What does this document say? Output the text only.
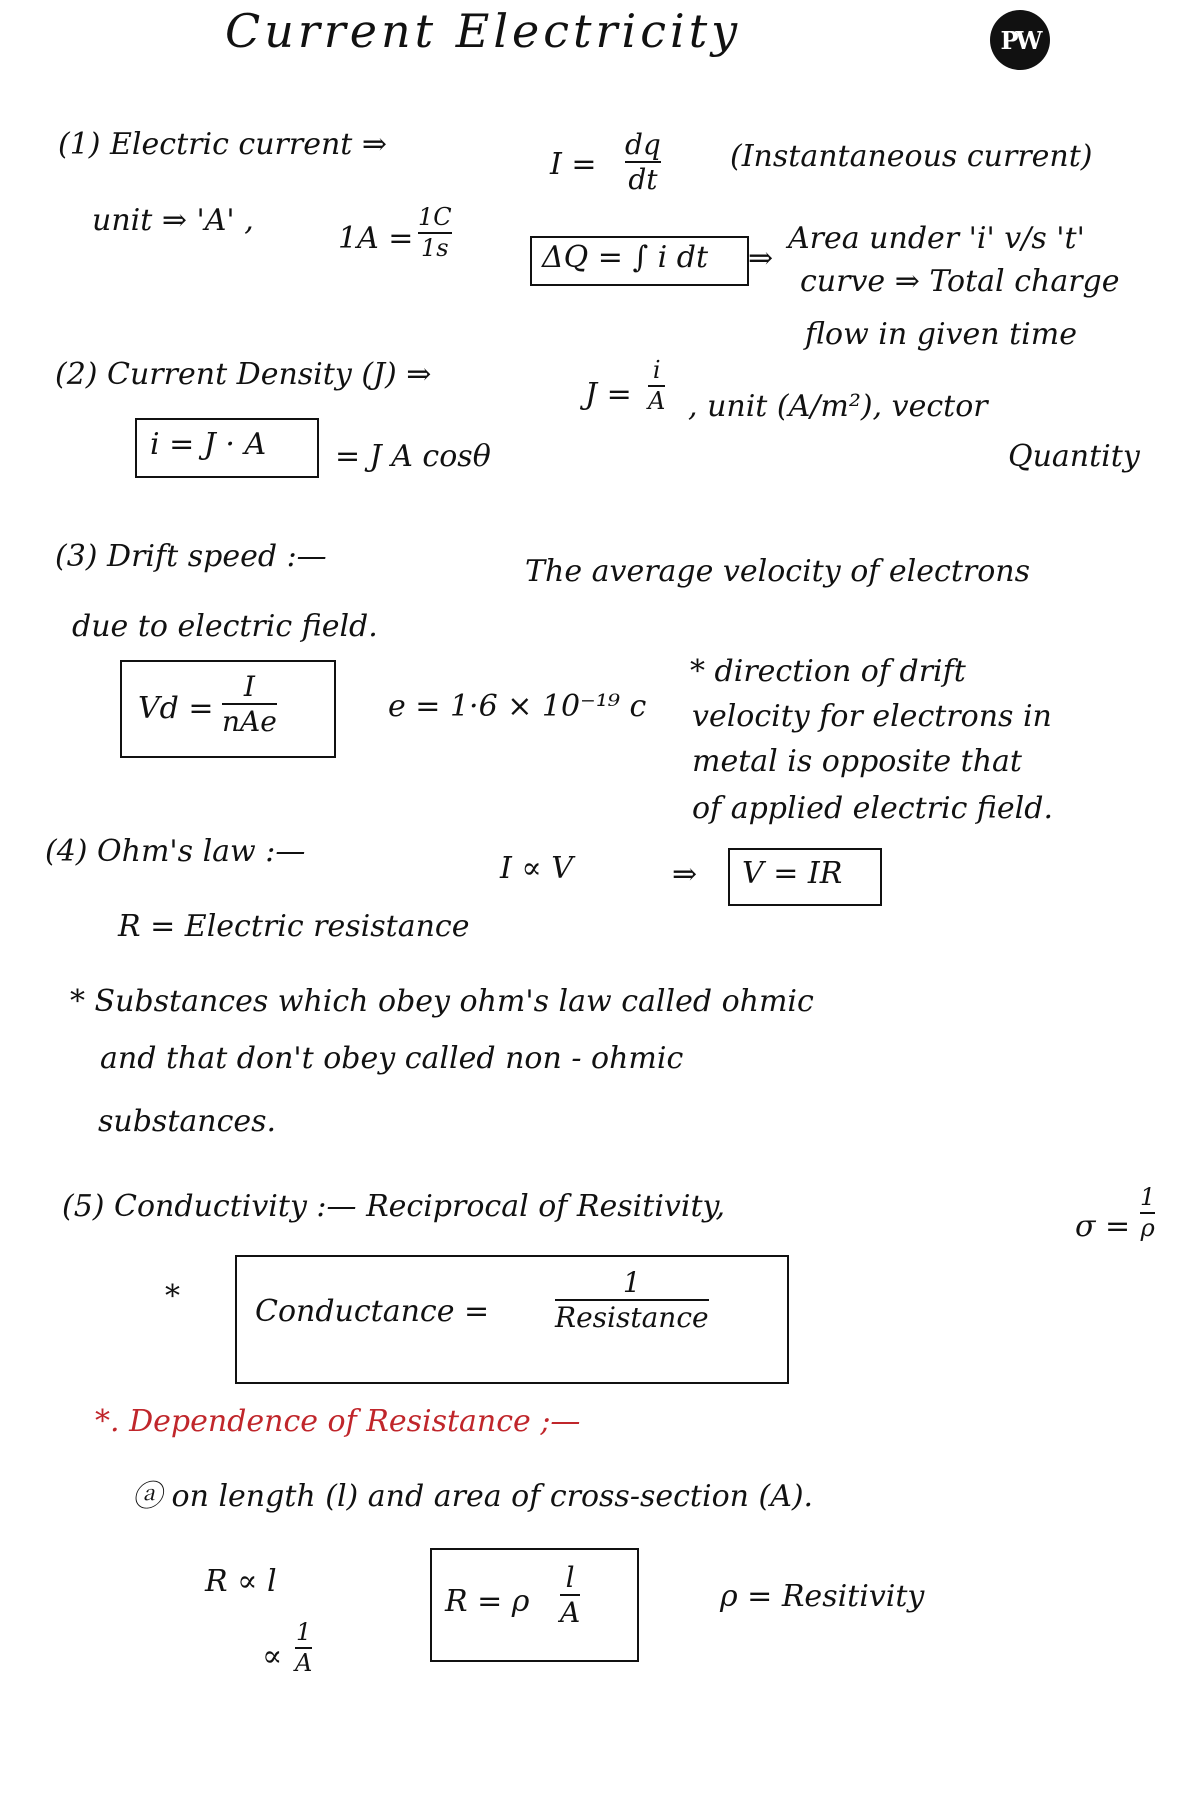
Current Electricity	PW
(1) Electric current ⇒
I =
dq
dt
(Instantaneous current)
unit ⇒ 'A' ,
1A =
1C
1s	ΔQ = ∫ i dt ⇒
Area under 'i' v/s 't'
curve ⇒ Total charge
flow in given time
(2) Current Density (J) ⇒
J =
i
A , unit (A/m²), vector
Quantity
i = J · A = J A cosθ
(3) Drift speed :—	The average velocity of electrons
due to electric field.
Vd =
I
nAe	e = 1·6 × 10⁻¹⁹ c
* direction of drift
velocity for electrons in
metal is opposite that
of applied electric field.
(4) Ohm's law :—	I ∝ V	⇒ V = IR
R = Electric resistance
* Substances which obey ohm's law called ohmic
and that don't obey called non - ohmic
substances.
(5) Conductivity :— Reciprocal of Resitivity,
σ =
1
ρ
*	Conductance =
1
Resistance
*. Dependence of Resistance ;—
ⓐ on length (l) and area of cross-section (A).
R ∝ l
∝
1
A
R = ρ
l
A	ρ = Resitivity
